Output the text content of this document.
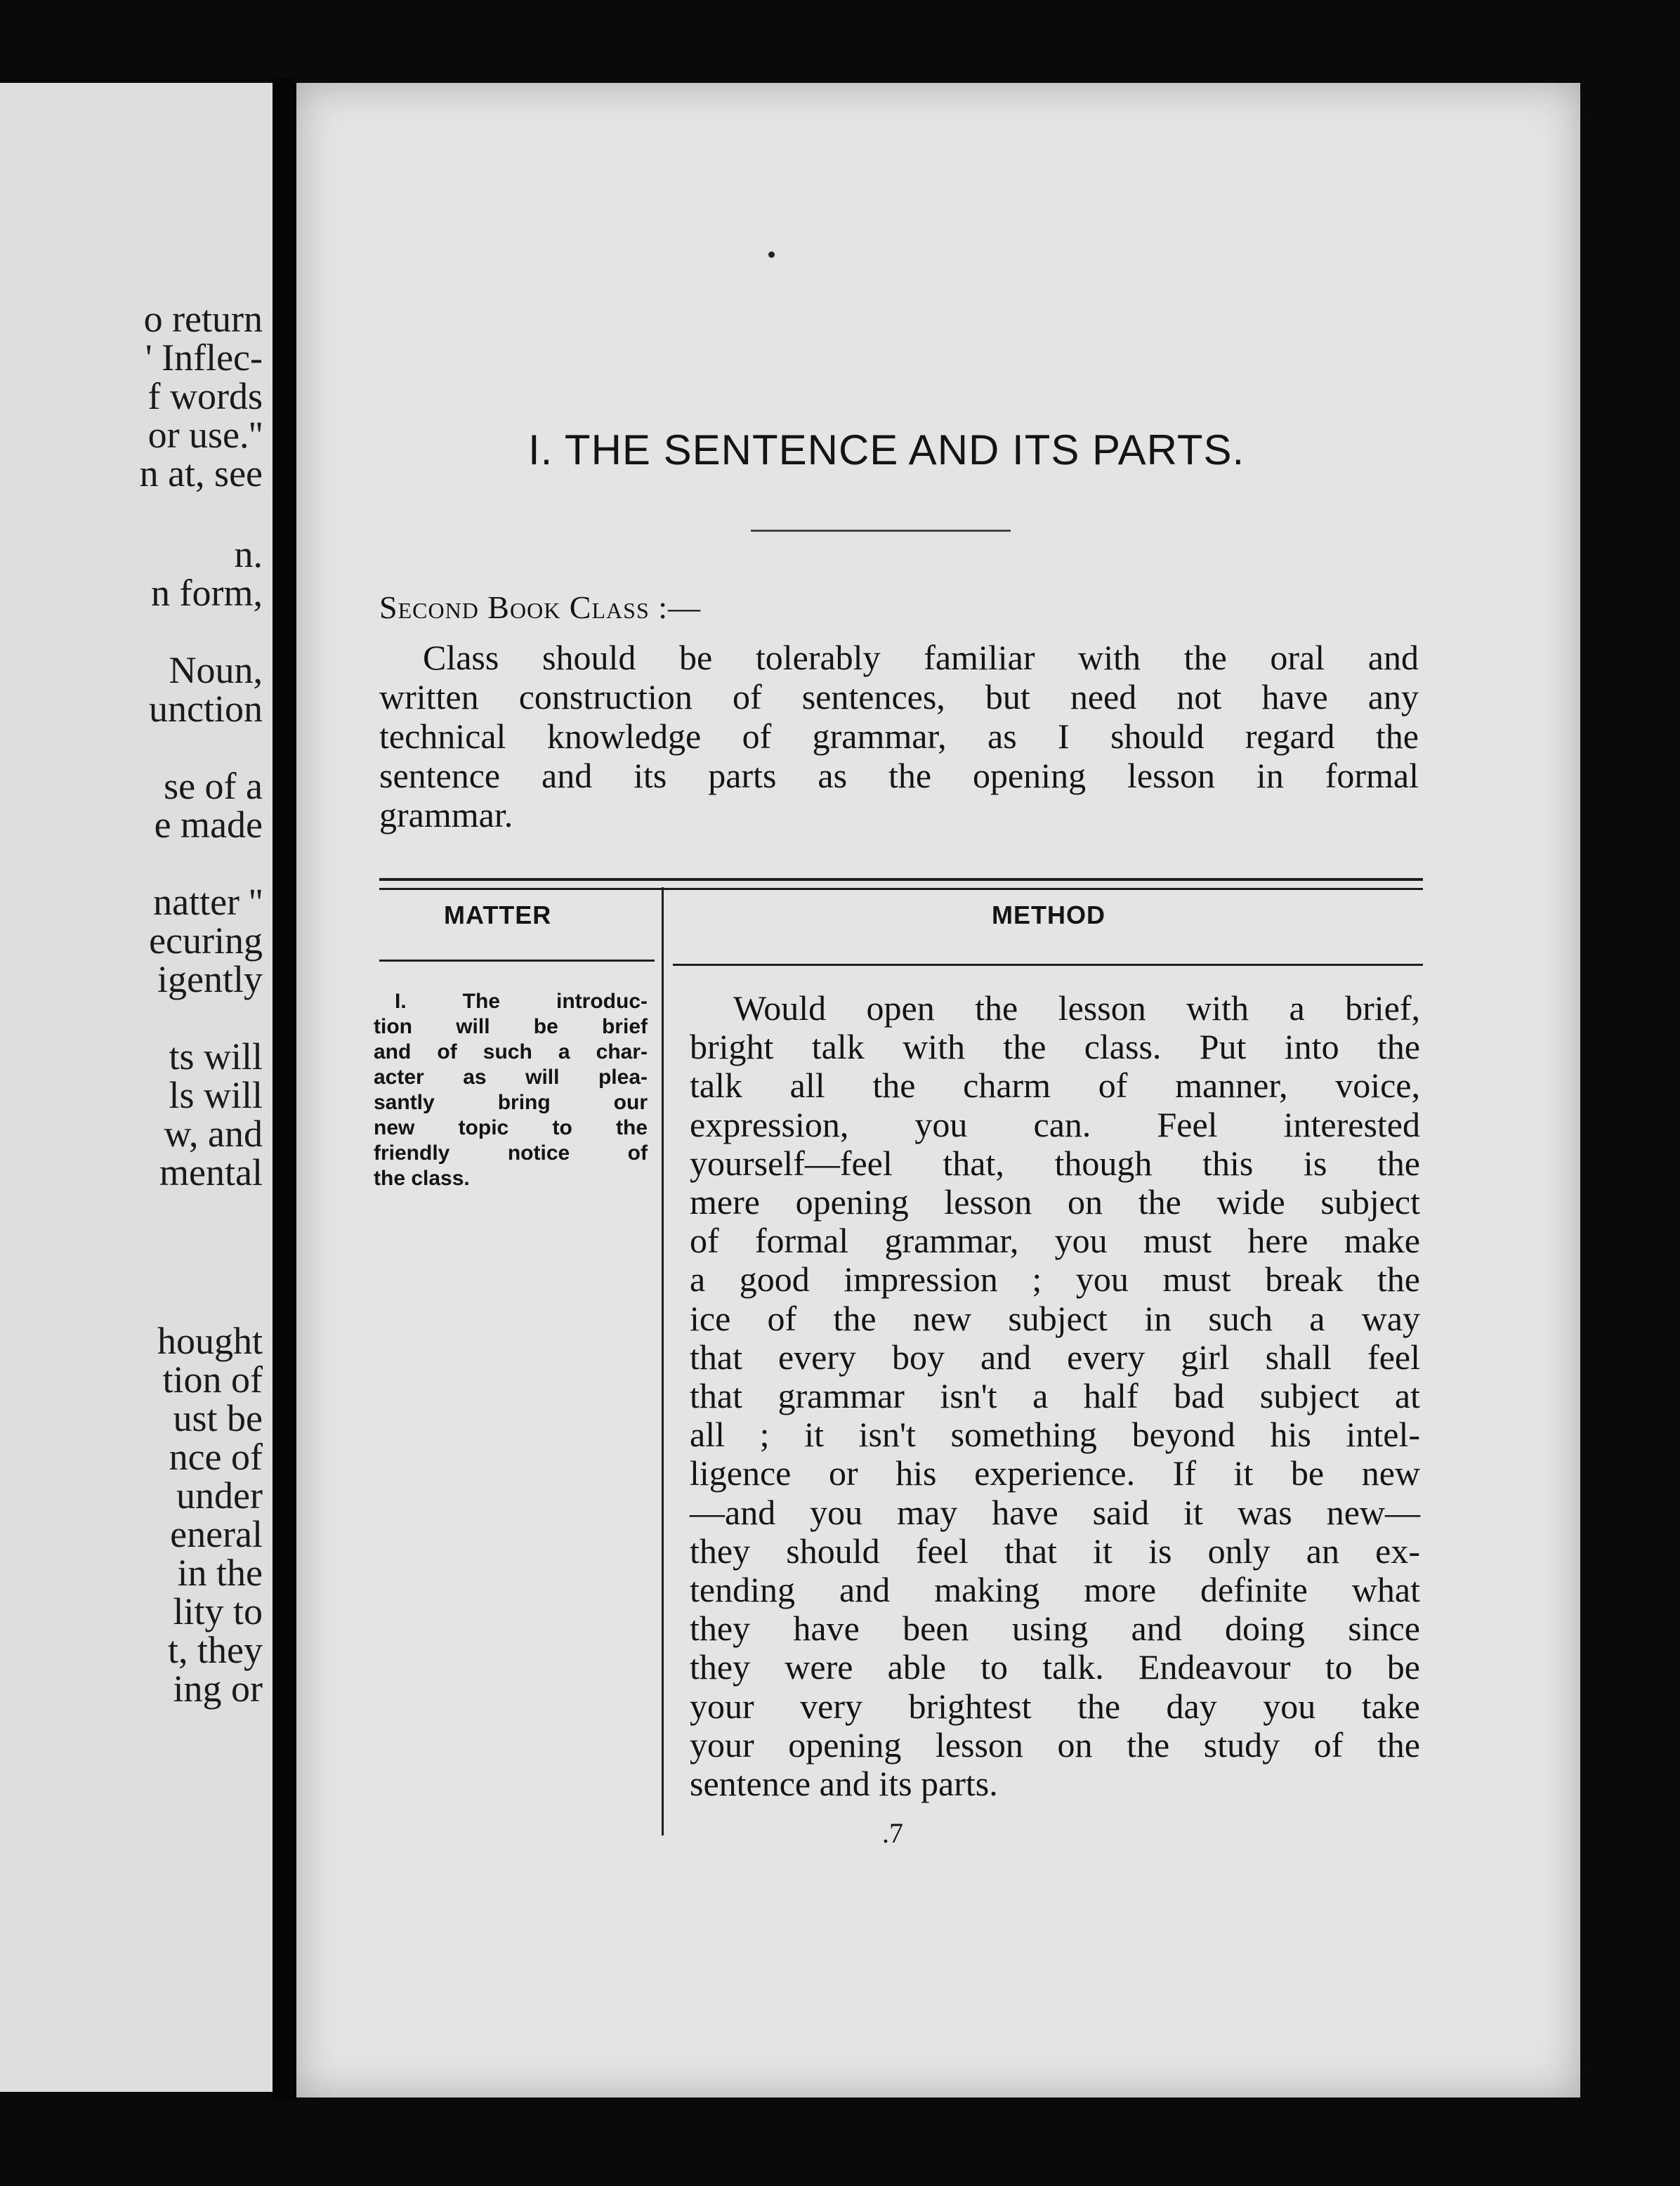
o return
' Inflec-
f words
or use.''
n at, see
n.
n form,
Noun,
unction
se of a
e made
natter ''
ecuring
igently
ts will
ls will
w, and
mental
hought
tion of
ust be
nce of
under
eneral
in the
lity to
t, they
ing or
I. THE SENTENCE AND ITS PARTS.
Second Book Class :—
Class should be tolerably familiar with the oral and
written construction of sentences, but need not have any
technical knowledge of grammar, as I should regard the
sentence and its parts as the opening lesson in formal
grammar.
MATTER	METHOD
I. The introduc-
tion will be brief
and of such a char-
acter as will plea-
santly bring our
new topic to the
friendly notice of
the class.
Would open the lesson with a brief,
bright talk with the class. Put into the
talk all the charm of manner, voice,
expression, you can. Feel interested
yourself—feel that, though this is the
mere opening lesson on the wide subject
of formal grammar, you must here make
a good impression ; you must break the
ice of the new subject in such a way
that every boy and every girl shall feel
that grammar isn't a half bad subject at
all ; it isn't something beyond his intel-
ligence or his experience. If it be new
—and you may have said it was new—
they should feel that it is only an ex-
tending and making more definite what
they have been using and doing since
they were able to talk. Endeavour to be
your very brightest the day you take
your opening lesson on the study of the
sentence and its parts.
.7
